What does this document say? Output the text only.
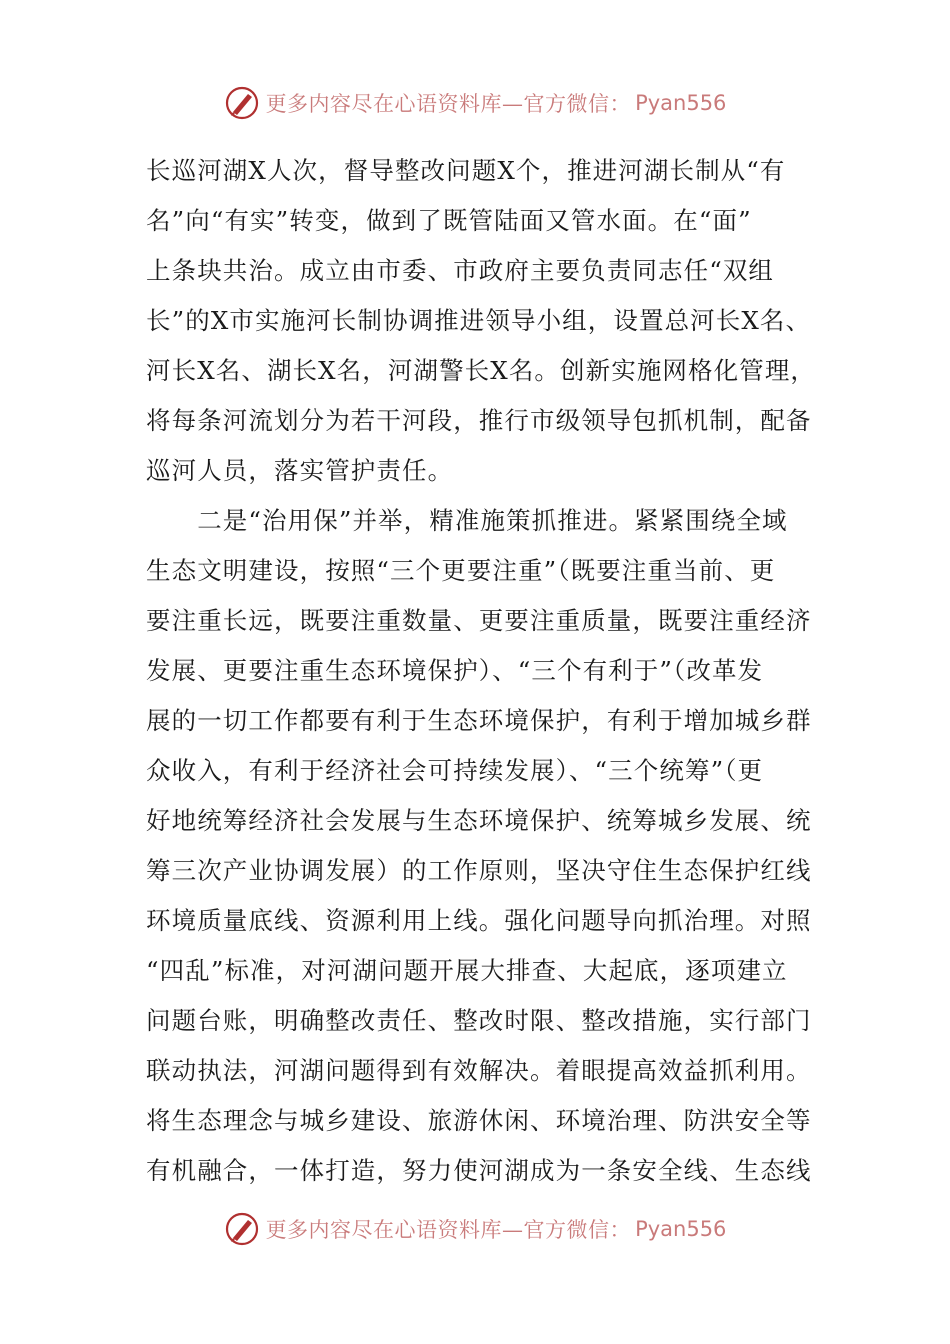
更多内容尽在心语资料库—官方微信： Pyan556
长巡河湖X人次，督导整改问题X个，推进河湖长制从“有
名”向“有实”转变，做到了既管陆面又管水面。在“面”
上条块共治。成立由市委、市政府主要负责同志任“双组
长”的X市实施河长制协调推进领导小组，设置总河长X名、
河长X名、湖长X名，河湖警长X名。创新实施网格化管理，
将每条河流划分为若干河段，推行市级领导包抓机制，配备
巡河人员，落实管护责任。
　　二是“治用保”并举，精准施策抓推进。紧紧围绕全域
生态文明建设，按照“三个更要注重”（既要注重当前、更
要注重长远，既要注重数量、更要注重质量，既要注重经济
发展、更要注重生态环境保护）、“三个有利于”（改革发
展的一切工作都要有利于生态环境保护，有利于增加城乡群
众收入，有利于经济社会可持续发展）、“三个统筹”（更
好地统筹经济社会发展与生态环境保护、统筹城乡发展、统
筹三次产业协调发展）的工作原则，坚决守住生态保护红线
环境质量底线、资源利用上线。强化问题导向抓治理。对照
“四乱”标准，对河湖问题开展大排查、大起底，逐项建立
问题台账，明确整改责任、整改时限、整改措施，实行部门
联动执法，河湖问题得到有效解决。着眼提高效益抓利用。
将生态理念与城乡建设、旅游休闲、环境治理、防洪安全等
有机融合，一体打造，努力使河湖成为一条安全线、生态线
更多内容尽在心语资料库—官方微信： Pyan556
